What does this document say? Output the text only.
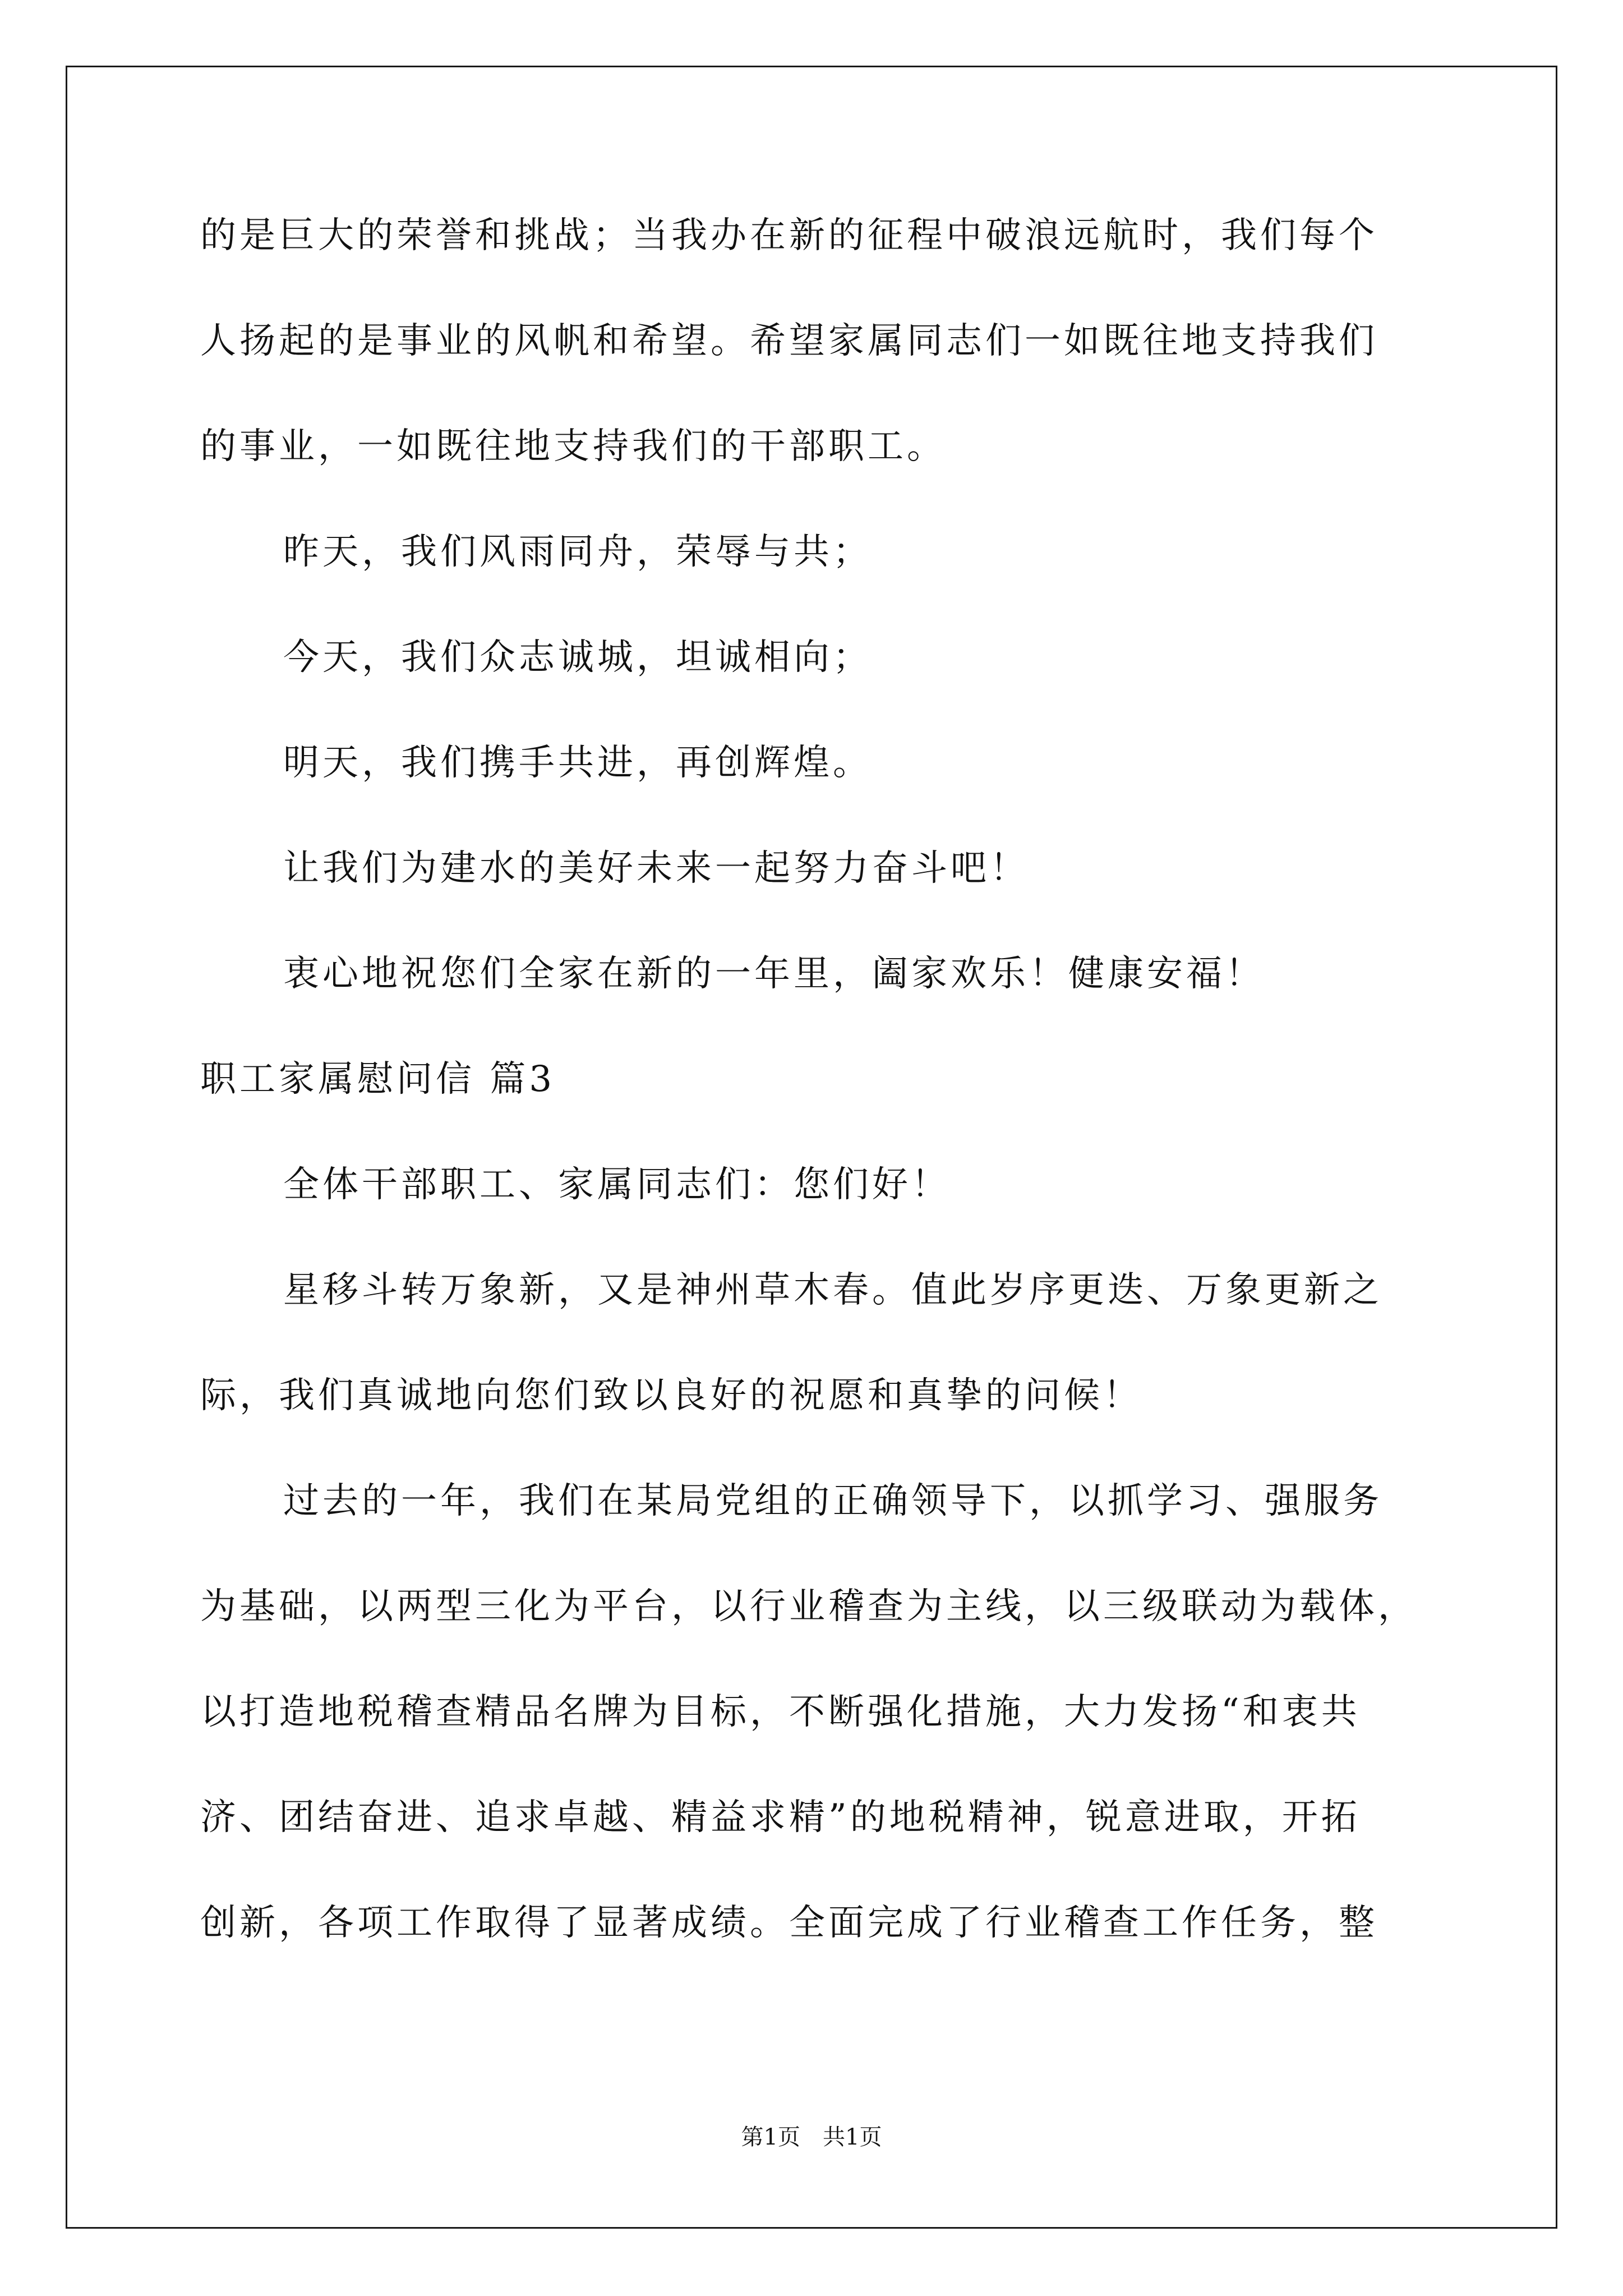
的是巨大的荣誉和挑战；当我办在新的征程中破浪远航时，我们每个
人扬起的是事业的风帆和希望。希望家属同志们一如既往地支持我们
的事业，一如既往地支持我们的干部职工。
昨天，我们风雨同舟，荣辱与共；
今天，我们众志诚城，坦诚相向；
明天，我们携手共进，再创辉煌。
让我们为建水的美好未来一起努力奋斗吧！
衷心地祝您们全家在新的一年里，阖家欢乐！健康安福！
职工家属慰问信 篇3
全体干部职工、家属同志们：您们好！
星移斗转万象新，又是神州草木春。值此岁序更迭、万象更新之
际，我们真诚地向您们致以良好的祝愿和真挚的问候！
过去的一年，我们在某局党组的正确领导下，以抓学习、强服务
为基础，以两型三化为平台，以行业稽查为主线，以三级联动为载体，
以打造地税稽查精品名牌为目标，不断强化措施，大力发扬“和衷共
济、团结奋进、追求卓越、精益求精”的地税精神，锐意进取，开拓
创新，各项工作取得了显著成绩。全面完成了行业稽查工作任务，整
第1页　共1页
